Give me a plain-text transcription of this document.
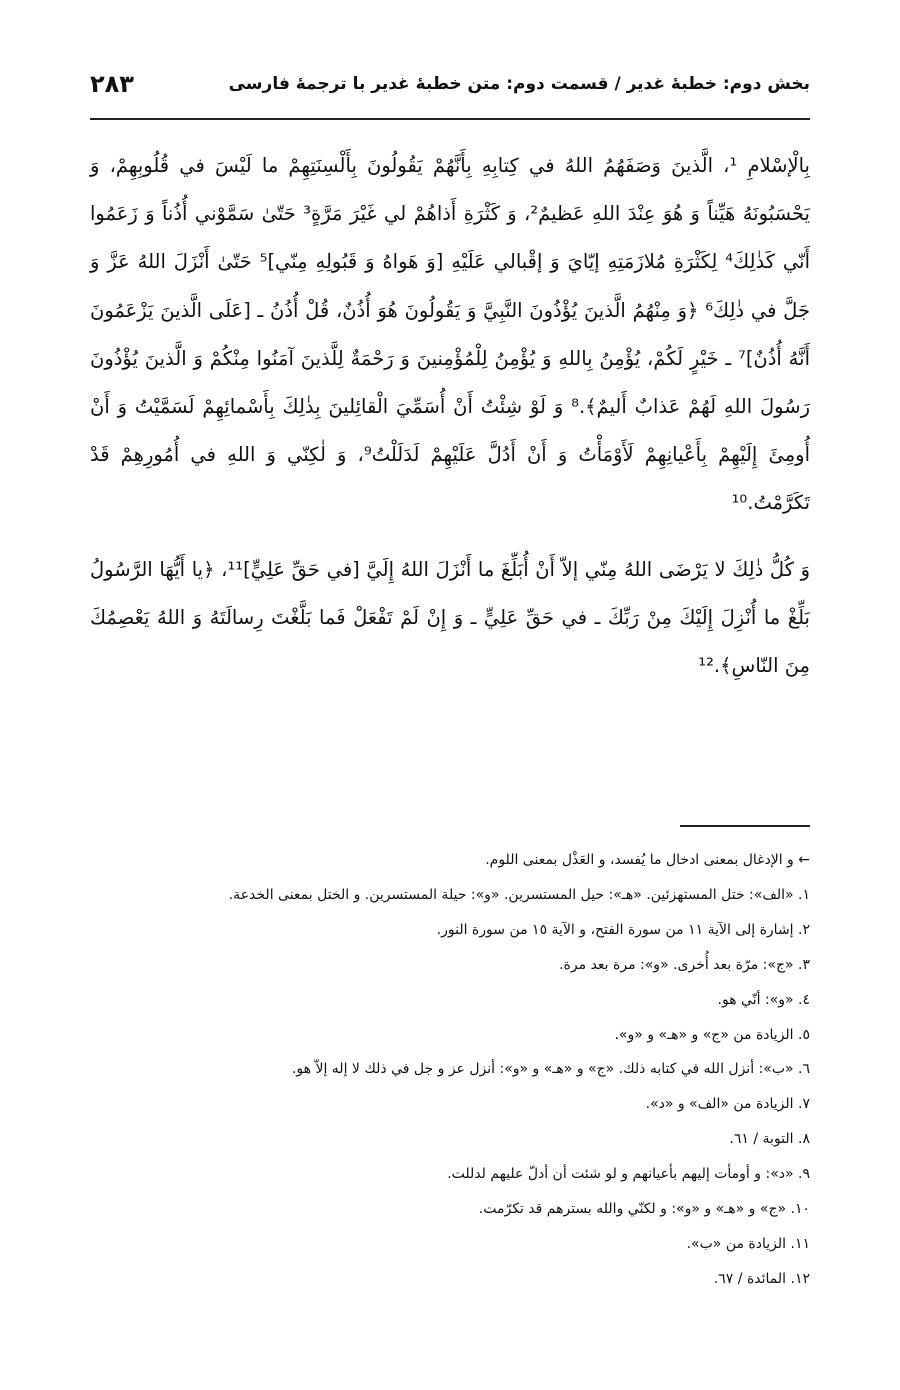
بخش دوم: خطبهٔ غدير / قسمت دوم: متن خطبهٔ غدير با ترجمهٔ فارسی
۲۸۳

بِالْإسْلامِ ¹، الَّذينَ وَصَفَهُمُ اللهُ في كِتابِهِ بِأَنَّهُمْ يَقُولُونَ بِأَلْسِنَتِهِمْ ما لَيْسَ في قُلُوبِهِمْ، وَ يَحْسَبُونَهُ هَيِّناً وَ هُوَ عِنْدَ اللهِ عَظيمٌ²، وَ كَثْرَةِ أَذاهُمْ لي غَيْرَ مَرَّةٍ³ حَتّىٰ سَمَّوْني أُذُناً وَ زَعَمُوا أَنّي كَذٰلِكَ⁴ لِكَثْرَةِ مُلازَمَتِهِ إيّايَ وَ إقْبالي عَلَيْهِ [وَ هَواهُ وَ قَبُولِهِ مِنّي]⁵ حَتّىٰ أَنْزَلَ اللهُ عَزَّ وَ جَلَّ في ذٰلِكَ⁶ ﴿وَ مِنْهُمُ الَّذينَ يُؤْذُونَ النَّبِيَّ وَ يَقُولُونَ هُوَ أُذُنٌ، قُلْ أُذُنُ ـ [عَلَى الَّذينَ يَزْعَمُونَ أَنَّهُ أُذُنٌ]⁷ ـ خَيْرٍ لَكُمْ، يُؤْمِنُ بِاللهِ وَ يُؤْمِنُ لِلْمُؤْمِنينَ وَ رَحْمَةٌ لِلَّذينَ آمَنُوا مِنْكُمْ وَ الَّذينَ يُؤْذُونَ رَسُولَ اللهِ لَهُمْ عَذابٌ أَليمٌ﴾.⁸ وَ لَوْ شِئْتُ أَنْ أُسَمِّيَ الْقائِلينَ بِذٰلِكَ بِأَسْمائِهِمْ لَسَمَّيْتُ وَ أَنْ أُومِئَ إِلَيْهِمْ بِأَعْيانِهِمْ لَأَوْمَأْتُ وَ أَنْ أَدُلَّ عَلَيْهِمْ لَدَلَلْتُ⁹، وَ لٰكِنّي وَ اللهِ في أُمُورِهِمْ قَدْ تَكَرَّمْتُ.¹⁰

وَ كُلُّ ذٰلِكَ لا يَرْضَى اللهُ مِنّي إلاّ أَنْ أُبَلِّغَ ما أَنْزَلَ اللهُ إِلَيَّ [في حَقِّ عَلِيٍّ]¹¹، ﴿يا أَيُّهَا الرَّسُولُ بَلِّغْ ما أُنْزِلَ إِلَيْكَ مِنْ رَبِّكَ ـ في حَقِّ عَلِيٍّ ـ وَ إِنْ لَمْ تَفْعَلْ فَما بَلَّغْتَ رِسالَتَهُ وَ اللهُ يَعْصِمُكَ مِنَ النّاسِ﴾.¹²

← و الإدغال بمعنى ادخال ما يُفسد، و العَذْل بمعنى اللوم.
١. «الف»: ختل المستهزئين. «هـ»: حيل المستسرين. «و»: حيلة المستسرين. و الختل بمعنى الخدعة.
٢. إشارة إلى الآية ١١ من سورة الفتح، و الآية ١٥ من سورة النور.
٣. «ج»: مرّة بعد أُخرى. «و»: مرة بعد مرة.
٤. «و»: أنّي هو.
٥. الزيادة من «ج» و «هـ» و «و».
٦. «ب»: أنزل الله في كتابه ذلك. «ج» و «هـ» و «و»: أنزل عز و جل في ذلك لا إله إلاّ هو.
٧. الزيادة من «الف» و «د».
٨. التوبة / ٦١.
٩. «د»: و أومأت إليهم بأعيانهم و لو شئت أن أدلّ عليهم لدللت.
١٠. «ج» و «هـ» و «و»: و لكنّي والله بسترهم قد تكرّمت.
١١. الزيادة من «ب».
١٢. المائدة / ٦٧.
